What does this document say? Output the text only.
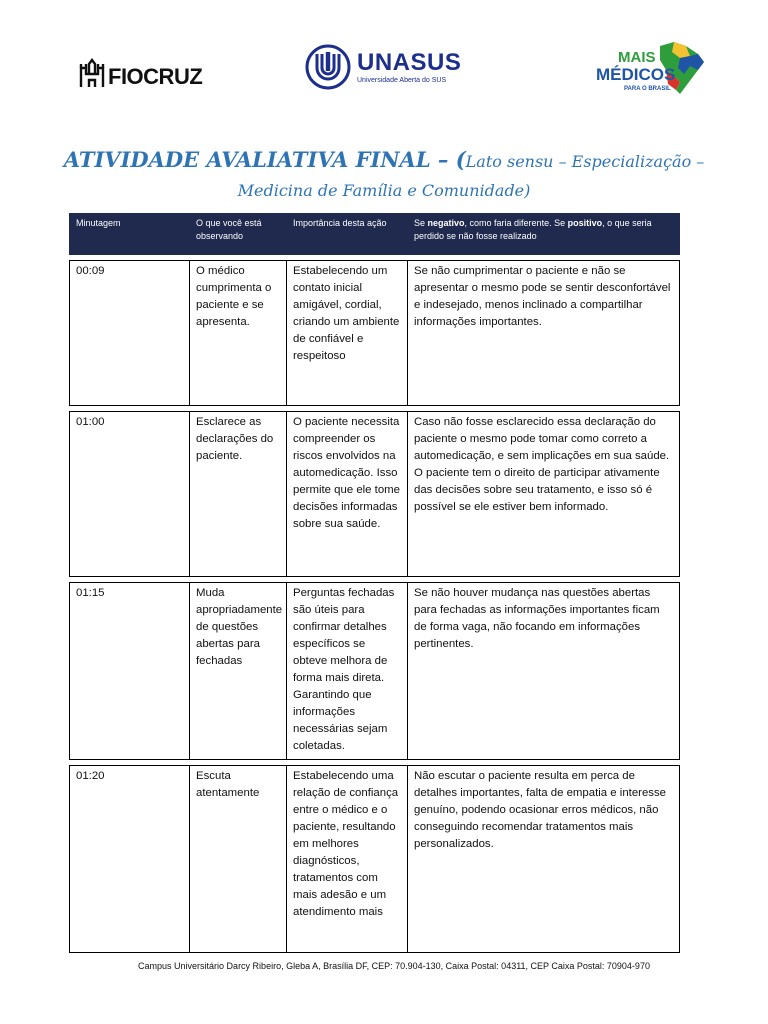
FIOCRUZ
UNASUS
Universidade Aberta do SUS
MAIS
MÉDICOS
PARA O BRASIL
ATIVIDADE AVALIATIVA FINAL – (Lato sensu – Especialização –
Medicina de Família e Comunidade)
Minutagem	O que você está observando	Importância desta ação	Se negativo, como faria diferente. Se positivo, o que seria perdido se não fosse realizado

00:09	O médico cumprimenta o paciente e se apresenta.	Estabelecendo um contato inicial amigável, cordial, criando um ambiente de confiável e respeitoso	Se não cumprimentar o paciente e não se apresentar o mesmo pode se sentir desconfortável e indesejado, menos inclinado a compartilhar informações importantes.

01:00	Esclarece as declarações do paciente.	O paciente necessita compreender os riscos envolvidos na automedicação. Isso permite que ele tome decisões informadas sobre sua saúde.	Caso não fosse esclarecido essa declaração do paciente o mesmo pode tomar como correto a automedicação, e sem implicações em sua saúde. O paciente tem o direito de participar ativamente das decisões sobre seu tratamento, e isso só é possível se ele estiver bem informado.

01:15	Muda apropriadamente de questões abertas para fechadas	Perguntas fechadas são úteis para confirmar detalhes específicos se obteve melhora de forma mais direta. Garantindo que informações necessárias sejam coletadas.	Se não houver mudança nas questões abertas para fechadas as informações importantes ficam de forma vaga, não focando em informações pertinentes.

01:20	Escuta atentamente	Estabelecendo uma relação de confiança entre o médico e o paciente, resultando em melhores diagnósticos, tratamentos com mais adesão e um atendimento mais	Não escutar o paciente resulta em perca de detalhes importantes, falta de empatia e interesse genuíno, podendo ocasionar erros médicos, não conseguindo recomendar tratamentos mais personalizados.
Campus Universitário Darcy Ribeiro, Gleba A, Brasília DF, CEP: 70.904-130, Caixa Postal: 04311, CEP Caixa Postal: 70904-970
